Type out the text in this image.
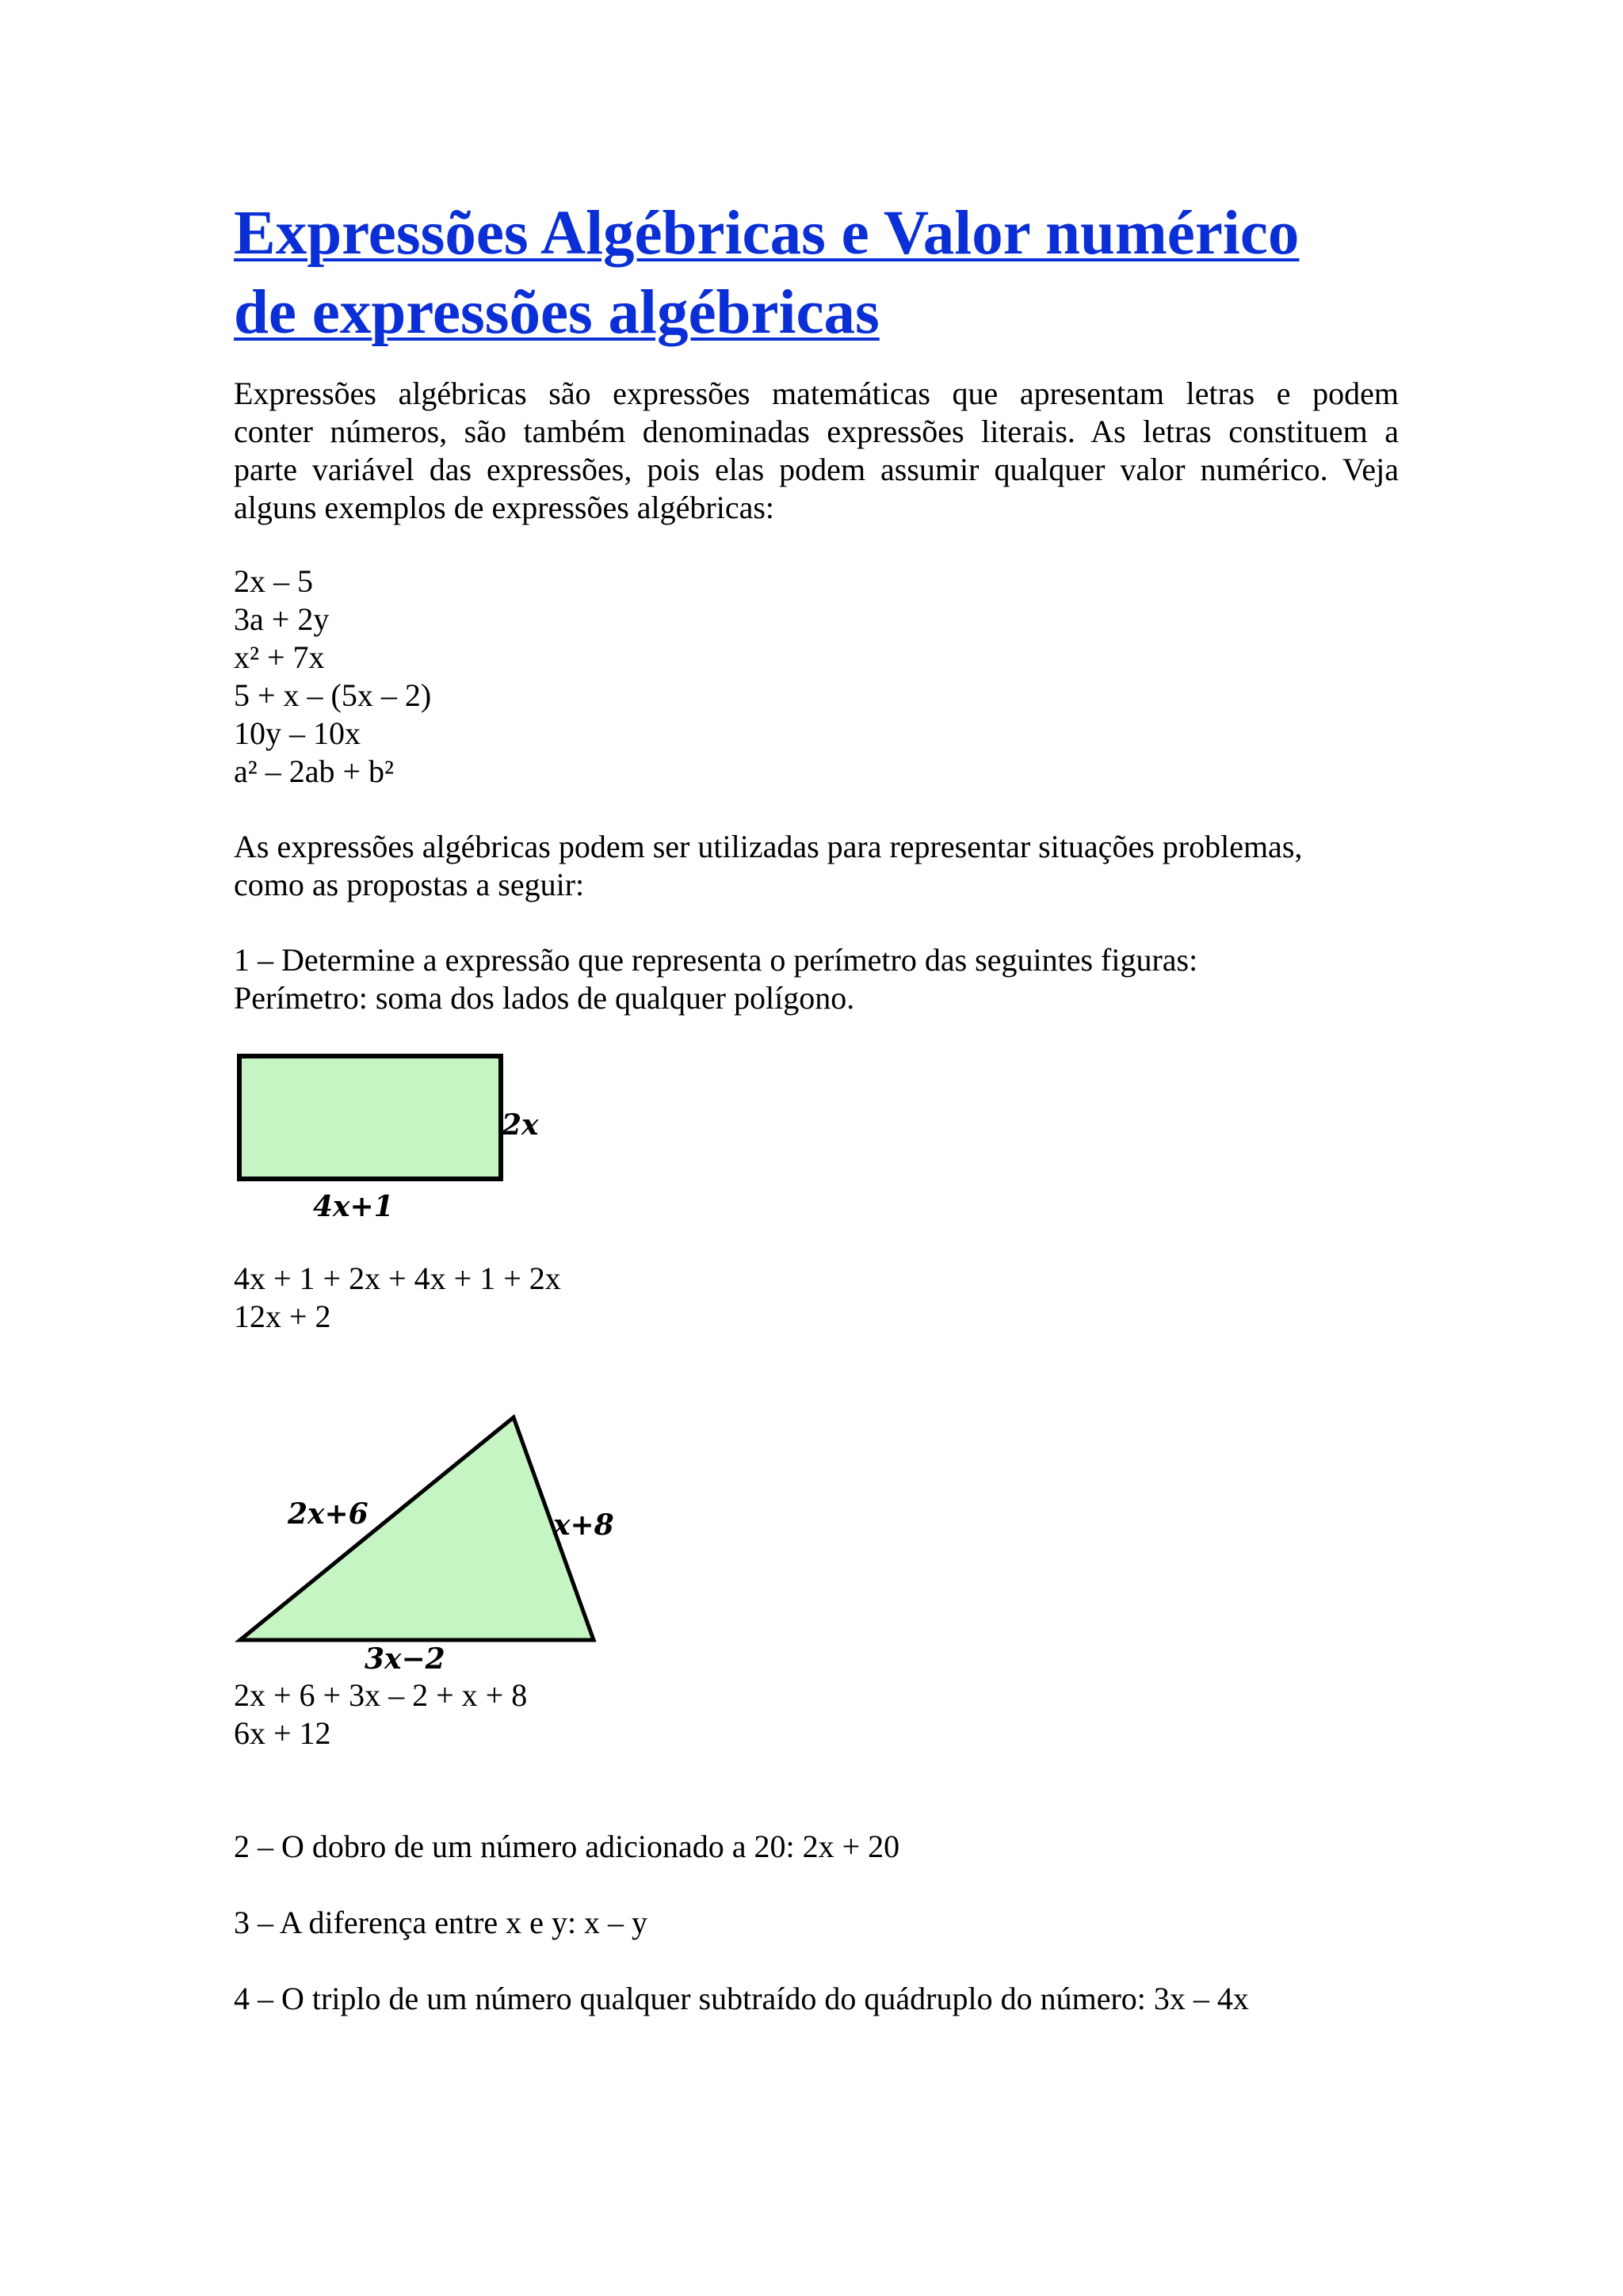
Expressões Algébricas e Valor numérico
de expressões algébricas
Expressões algébricas são expressões matemáticas que apresentam letras e podem
conter números, são também denominadas expressões literais. As letras constituem a
parte variável das expressões, pois elas podem assumir qualquer valor numérico. Veja
alguns exemplos de expressões algébricas:
2x – 5
3a + 2y
x² + 7x
5 + x – (5x – 2)
10y – 10x
a² – 2ab + b²
As expressões algébricas podem ser utilizadas para representar situações problemas,
como as propostas a seguir:
1 – Determine a expressão que representa o perímetro das seguintes figuras:
Perímetro: soma dos lados de qualquer polígono.
2x
4x+1
4x + 1 + 2x + 4x + 1 + 2x
12x + 2
2x+6	x+8
3x−2
2x + 6 + 3x – 2 + x + 8
6x + 12
2 – O dobro de um número adicionado a 20: 2x + 20
3 – A diferença entre x e y: x – y
4 – O triplo de um número qualquer subtraído do quádruplo do número: 3x – 4x
